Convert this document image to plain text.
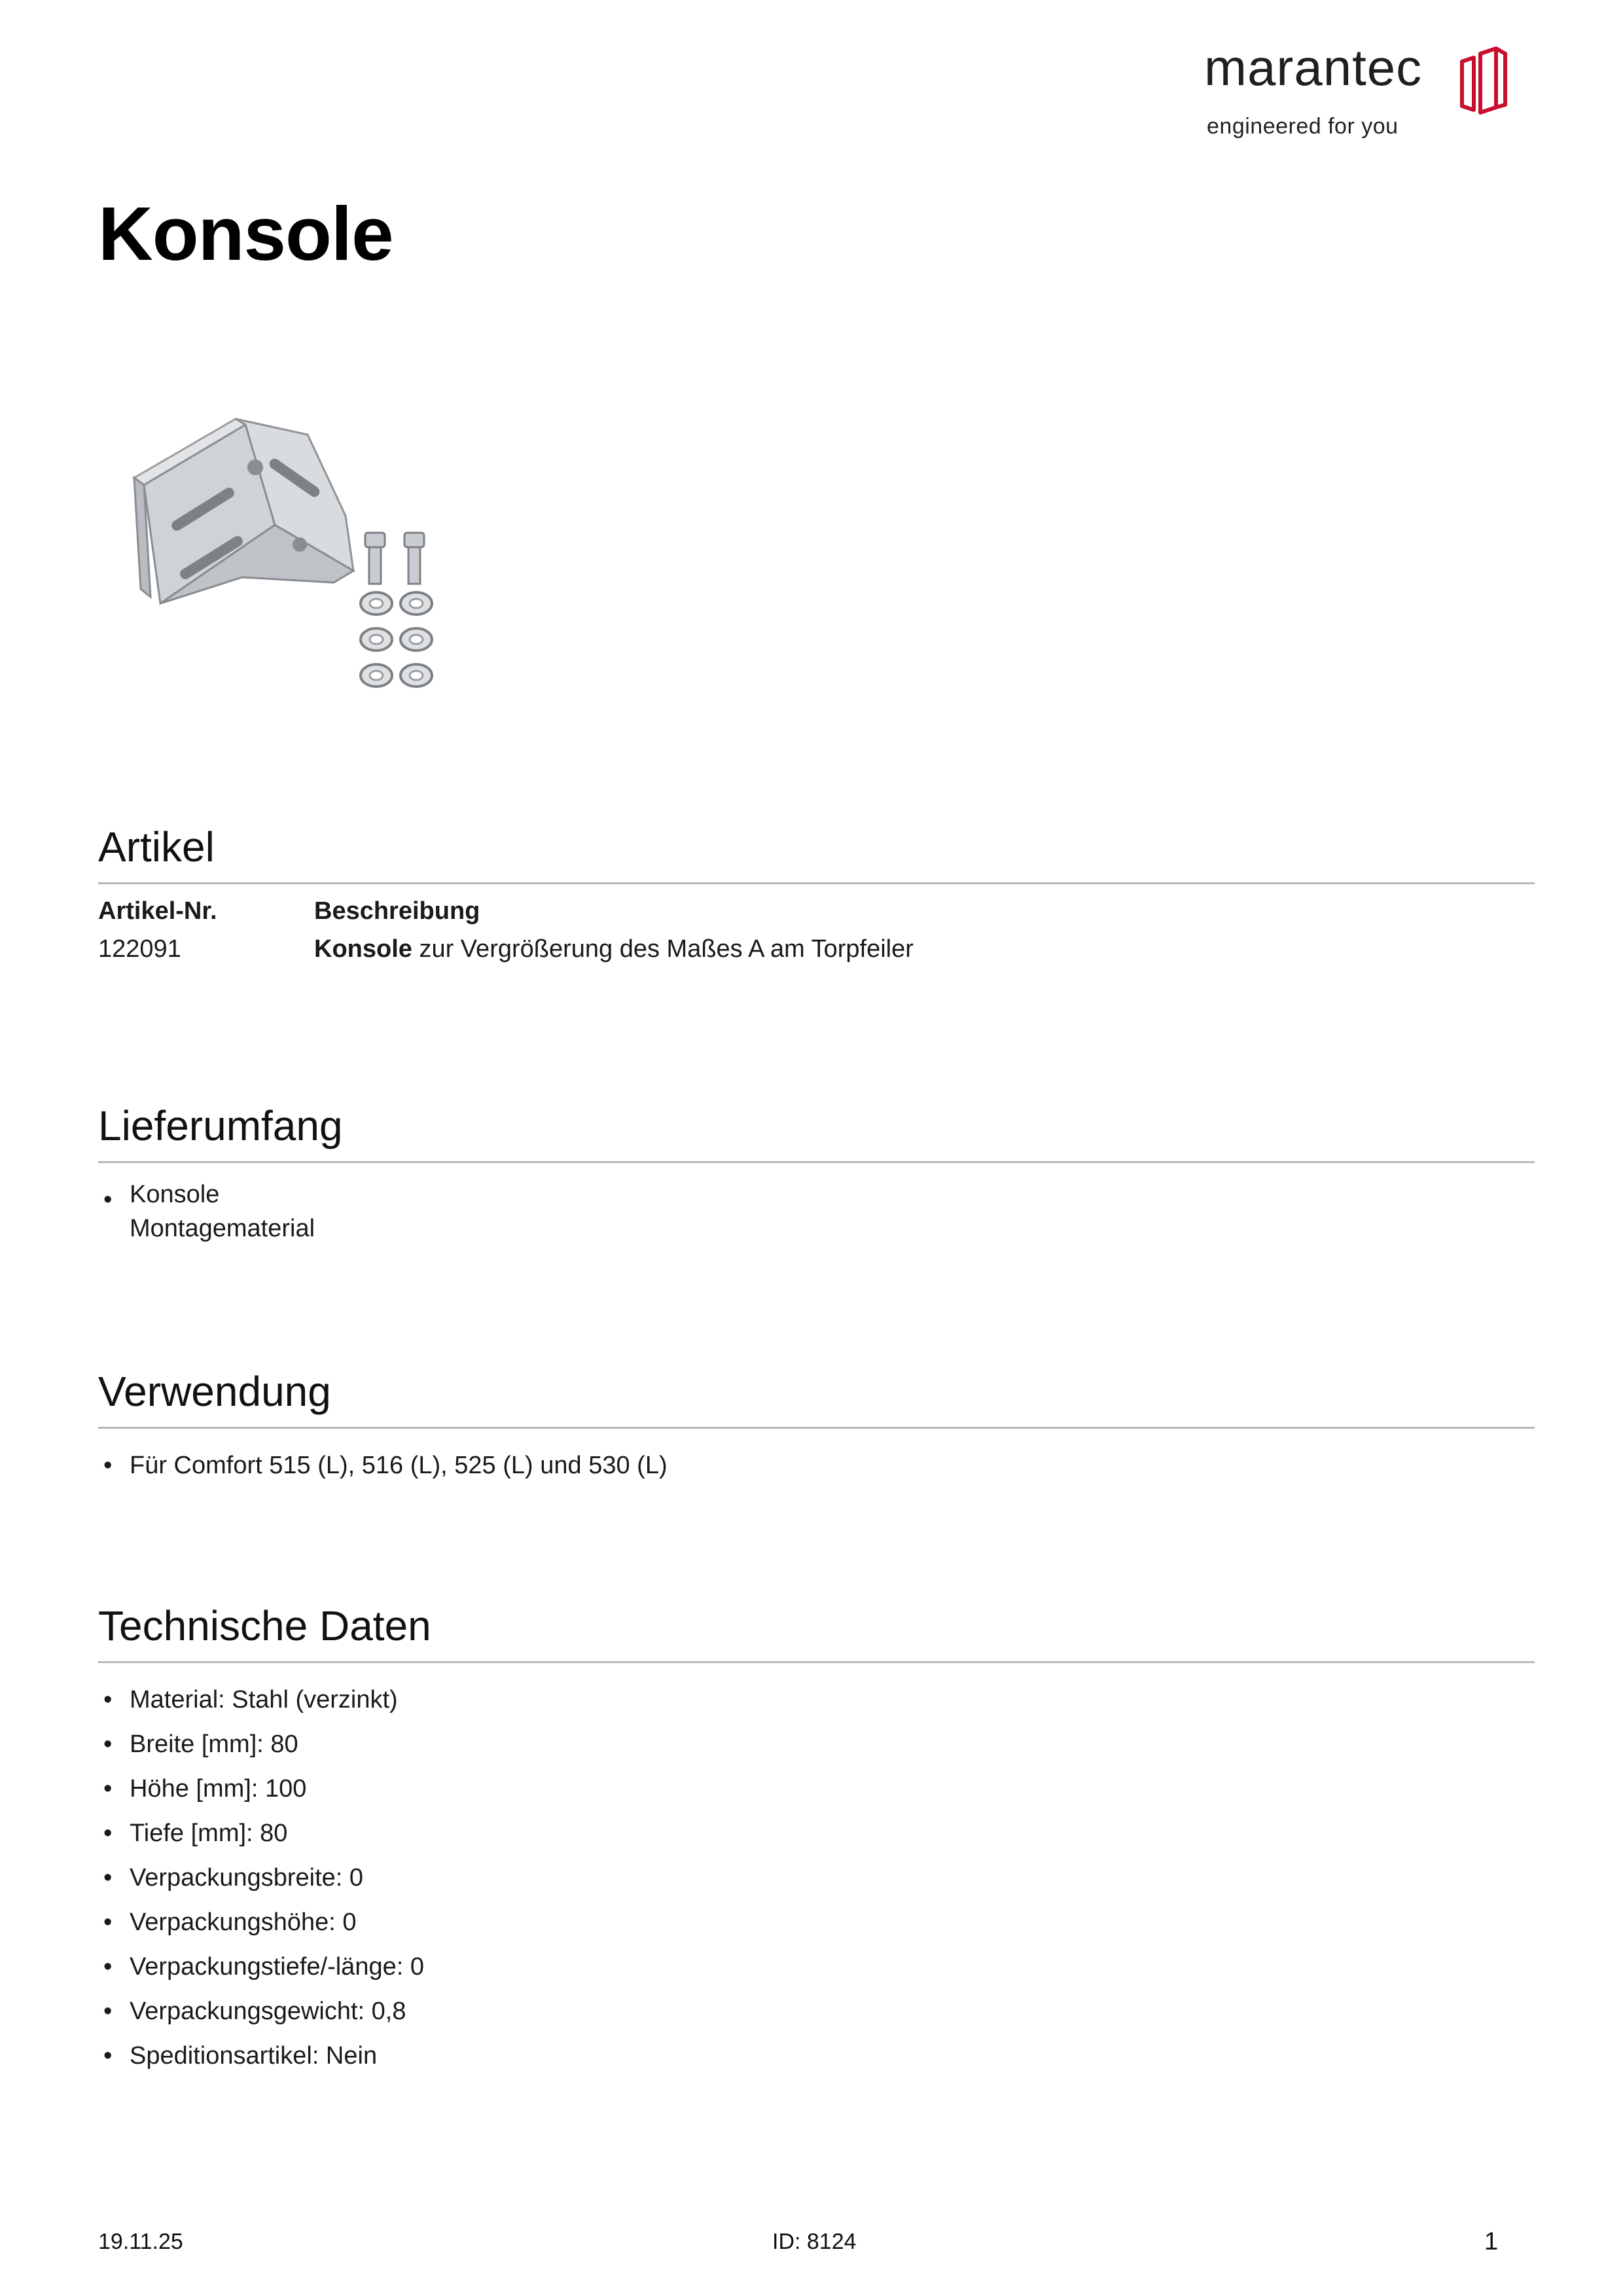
marantec
engineered for you
Konsole
Artikel
Artikel-Nr.	Beschreibung
122091	Konsole zur Vergrößerung des Maßes A am Torpfeiler
Lieferumfang
• Konsole
Montagematerial
Verwendung
• Für Comfort 515 (L), 516 (L), 525 (L) und 530 (L)
Technische Daten
• Material: Stahl (verzinkt)
• Breite [mm]: 80
• Höhe [mm]: 100
• Tiefe [mm]: 80
• Verpackungsbreite: 0
• Verpackungshöhe: 0
• Verpackungstiefe/-länge: 0
• Verpackungsgewicht: 0,8
• Speditionsartikel: Nein
19.11.25	ID: 8124	1
